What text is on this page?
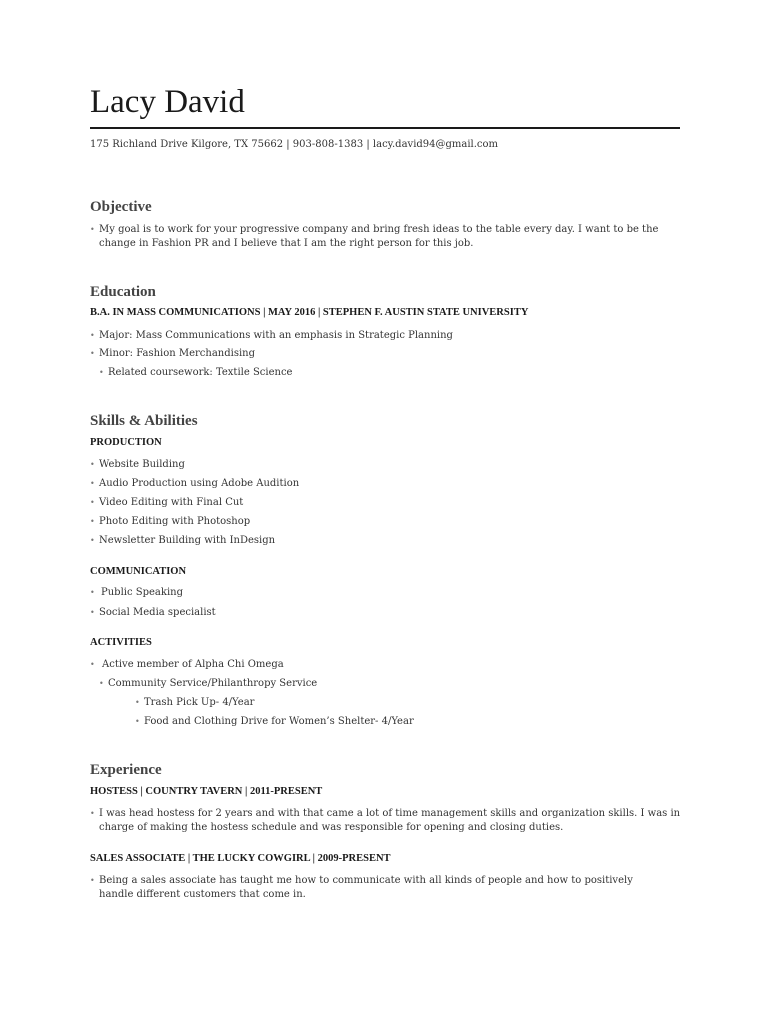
Lacy David
175 Richland Drive Kilgore, TX 75662 | 903-808-1383 | lacy.david94@gmail.com
Objective
• My goal is to work for your progressive company and bring fresh ideas to the table every day. I want to be the change in Fashion PR and I believe that I am the right person for this job.
Education
B.A. IN MASS COMMUNICATIONS | MAY 2016 | STEPHEN F. AUSTIN STATE UNIVERSITY
• Major: Mass Communications with an emphasis in Strategic Planning
• Minor: Fashion Merchandising
• Related coursework: Textile Science
Skills & Abilities
PRODUCTION
• Website Building
• Audio Production using Adobe Audition
• Video Editing with Final Cut
• Photo Editing with Photoshop
• Newsletter Building with InDesign
COMMUNICATION
• Public Speaking
• Social Media specialist
ACTIVITIES
• Active member of Alpha Chi Omega
• Community Service/Philanthropy Service
• Trash Pick Up- 4/Year
• Food and Clothing Drive for Women’s Shelter- 4/Year
Experience
HOSTESS | COUNTRY TAVERN | 2011-PRESENT
• I was head hostess for 2 years and with that came a lot of time management skills and organization skills. I was in charge of making the hostess schedule and was responsible for opening and closing duties.
SALES ASSOCIATE | THE LUCKY COWGIRL | 2009-PRESENT
• Being a sales associate has taught me how to communicate with all kinds of people and how to positively handle different customers that come in.
